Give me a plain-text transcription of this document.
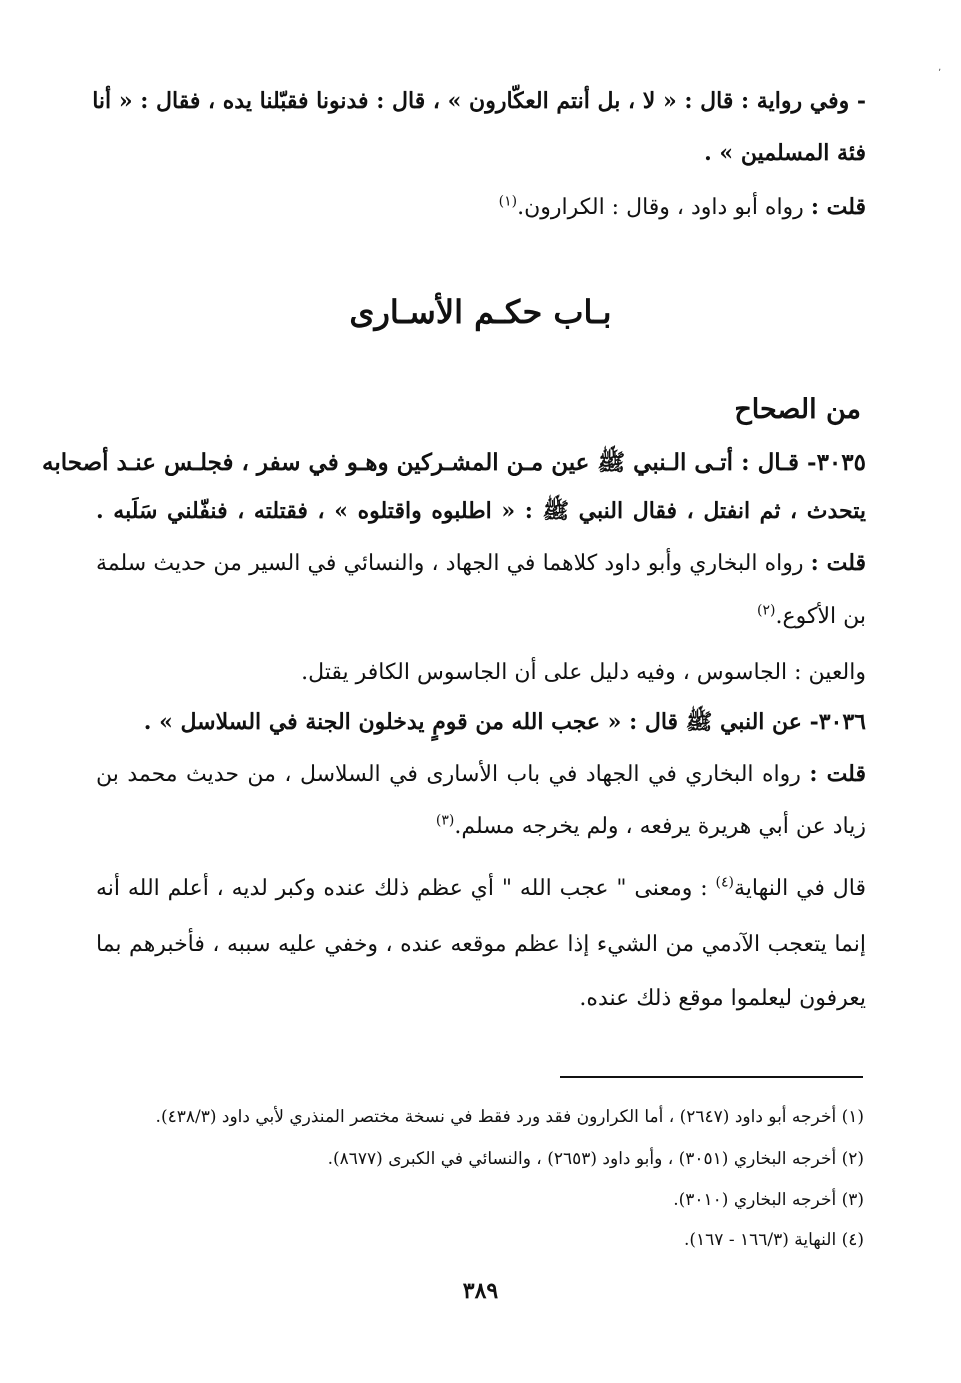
٬
- وفي رواية : قال : « لا ، بل أنتم العكّارون » ، قال : فدنونا فقبّلنا يده ، فقال : « أنا
فئة المسلمين » .
قلت : رواه أبو داود ، وقال : الكرارون.$^{(١)}$
بـاب حكـم الأسـارى
من الصحاح
٣٠٣٥- قـال : أتـى الـنبي ﷺ عين مـن المشـركين وهـو في سفر ، فجلـس عنـد أصحابه
يتحدث ، ثم انفتل ، فقال النبي ﷺ : « اطلبوه واقتلوه » ، فقتلته ، فنفّلني سَلَبه .
قلت : رواه البخاري وأبو داود كلاهما في الجهاد ، والنسائي في السير من حديث سلمة
بن الأكوع.$^{(٢)}$
والعين : الجاسوس ، وفيه دليل على أن الجاسوس الكافر يقتل.
٣٠٣٦- عن النبي ﷺ قال : « عجب الله من قومٍ يدخلون الجنة في السلاسل » .
قلت : رواه البخاري في الجهاد في باب الأسارى في السلاسل ، من حديث محمد بن
زياد عن أبي هريرة يرفعه ، ولم يخرجه مسلم.$^{(٣)}$
قال في النهاية$^{(٤)}$ : ومعنى " عجب الله " أي عظم ذلك عنده وكبر لديه ، أعلم الله أنه
إنما يتعجب الآدمي من الشيء إذا عظم موقعه عنده ، وخفي عليه سببه ، فأخبرهم بما
يعرفون ليعلموا موقع ذلك عنده.
(١) أخرجه أبو داود (٢٦٤٧) ، أما الكرارون فقد ورد فقط في نسخة مختصر المنذري لأبي داود (٤٣٨/٣).
(٢) أخرجه البخاري (٣٠٥١) ، وأبو داود (٢٦٥٣) ، والنسائي في الكبرى (٨٦٧٧).
(٣) أخرجه البخاري (٣٠١٠).
(٤) النهاية (١٦٦/٣ - ١٦٧).
٣٨٩
